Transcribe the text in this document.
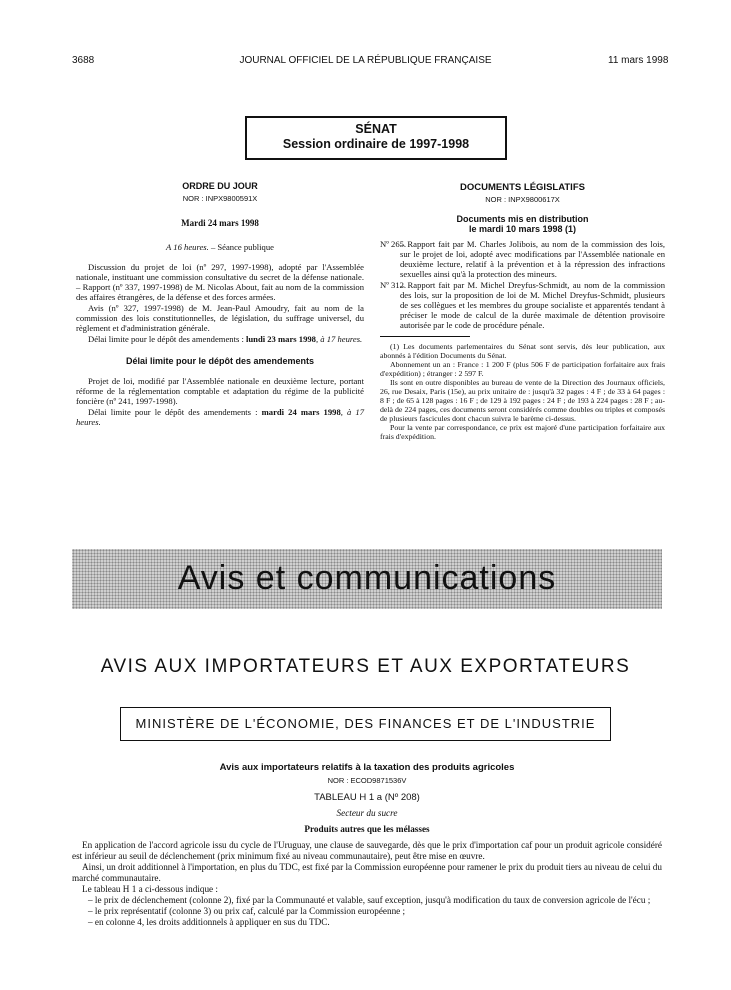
3688	JOURNAL OFFICIEL DE LA RÉPUBLIQUE FRANÇAISE	11 mars 1998
SÉNAT
Session ordinaire de 1997-1998
ORDRE DU JOUR
NOR : INPX9800591X
Mardi 24 mars 1998
A 16 heures. – Séance publique

Discussion du projet de loi (nº 297, 1997-1998), adopté par l'Assemblée nationale, instituant une commission consultative du secret de la défense nationale. – Rapport (nº 337, 1997-1998) de M. Nicolas About, fait au nom de la commission des affaires étrangères, de la défense et des forces armées.

Avis (nº 327, 1997-1998) de M. Jean-Paul Amoudry, fait au nom de la commission des lois constitutionnelles, de législation, du suffrage universel, du règlement et d'administration générale.

Délai limite pour le dépôt des amendements : lundi 23 mars 1998, à 17 heures.

Délai limite pour le dépôt des amendements

Projet de loi, modifié par l'Assemblée nationale en deuxième lecture, portant réforme de la réglementation comptable et adaptation du régime de la publicité foncière (nº 241, 1997-1998).

Délai limite pour le dépôt des amendements : mardi 24 mars 1998, à 17 heures.

DOCUMENTS LÉGISLATIFS
NOR : INPX9800617X
Documents mis en distribution
le mardi 10 mars 1998 (1)

Nº 265.
– Rapport fait par M. Charles Jolibois, au nom de la commission des lois, sur le projet de loi, adopté avec modifications par l'Assemblée nationale en deuxième lecture, relatif à la prévention et à la répression des infractions sexuelles ainsi qu'à la protection des mineurs.

Nº 312.
– Rapport fait par M. Michel Dreyfus-Schmidt, au nom de la commission des lois, sur la proposition de loi de M. Michel Dreyfus-Schmidt, plusieurs de ses collègues et les membres du groupe socialiste et apparentés tendant à préciser le mode de calcul de la durée maximale de détention provisoire autorisée par le code de procédure pénale.

(1) Les documents parlementaires du Sénat sont servis, dès leur publication, aux abonnés à l'édition Documents du Sénat.

Abonnement un an : France : 1 200 F (plus 506 F de participation forfaitaire aux frais d'expédition) ; étranger : 2 597 F.

Ils sont en outre disponibles au bureau de vente de la Direction des Journaux officiels, 26, rue Desaix, Paris (15e), au prix unitaire de : jusqu'à 32 pages : 4 F ; de 33 à 64 pages : 8 F ; de 65 à 128 pages : 16 F ; de 129 à 192 pages : 24 F ; de 193 à 224 pages : 28 F ; au-delà de 224 pages, ces documents seront considérés comme doubles ou triples et composés de plusieurs fascicules dont chacun suivra le barème ci-dessus.

Pour la vente par correspondance, ce prix est majoré d'une participation forfaitaire aux frais d'expédition.

Avis et communications
AVIS AUX IMPORTATEURS ET AUX EXPORTATEURS
MINISTÈRE DE L'ÉCONOMIE, DES FINANCES ET DE L'INDUSTRIE
Avis aux importateurs relatifs à la taxation des produits agricoles
NOR : ECOD9871536V
TABLEAU H 1 a (Nº 208)
Secteur du sucre
Produits autres que les mélasses

En application de l'accord agricole issu du cycle de l'Uruguay, une clause de sauvegarde, dès que le prix d'importation caf pour un produit agricole considéré est inférieur au seuil de déclenchement (prix minimum fixé au niveau communautaire), peut être mise en œuvre.

Ainsi, un droit additionnel à l'importation, en plus du TDC, est fixé par la Commission européenne pour ramener le prix du produit tiers au niveau de celui du marché communautaire.

Le tableau H 1 a ci-dessous indique :

– le prix de déclenchement (colonne 2), fixé par la Communauté et valable, sauf exception, jusqu'à modification du taux de conversion agricole de l'écu ;

– le prix représentatif (colonne 3) ou prix caf, calculé par la Commission européenne ;

– en colonne 4, les droits additionnels à appliquer en sus du TDC.
